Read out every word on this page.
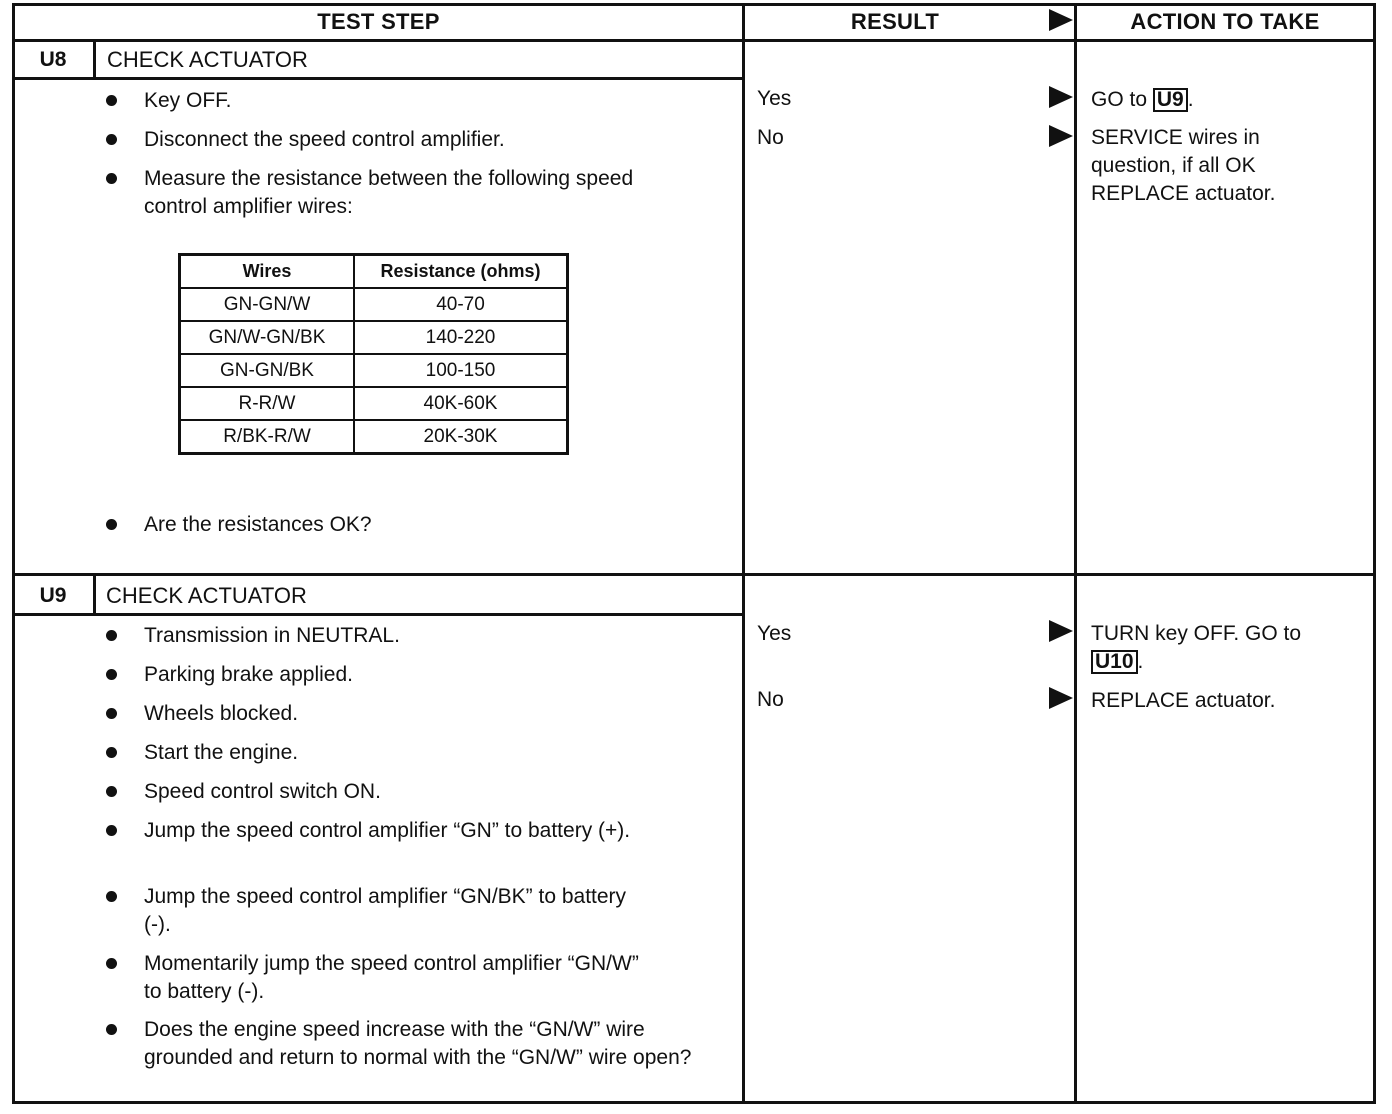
TEST STEP	RESULT	ACTION TO TAKE
U8	CHECK ACTUATOR
Key OFF.
Disconnect the speed control amplifier.
Measure the resistance between the following speed control amplifier wires:
Wires	Resistance (ohms)
GN-GN/W	40-70
GN/W-GN/BK	140-220
GN-GN/BK	100-150
R-R/W	40K-60K
R/BK-R/W	20K-30K
Are the resistances OK?
Yes	GO to U9 .
No	SERVICE wires in question, if all OK REPLACE actuator.
U9	CHECK ACTUATOR
Transmission in NEUTRAL.
Parking brake applied.
Wheels blocked.
Start the engine.
Speed control switch ON.
Jump the speed control amplifier “GN” to battery (+).
Jump the speed control amplifier “GN/BK” to battery (-).
Momentarily jump the speed control amplifier “GN/W” to battery (-).
Does the engine speed increase with the “GN/W” wire grounded and return to normal with the “GN/W” wire open?
Yes	TURN key OFF. GO to U10 .
No	REPLACE actuator.
